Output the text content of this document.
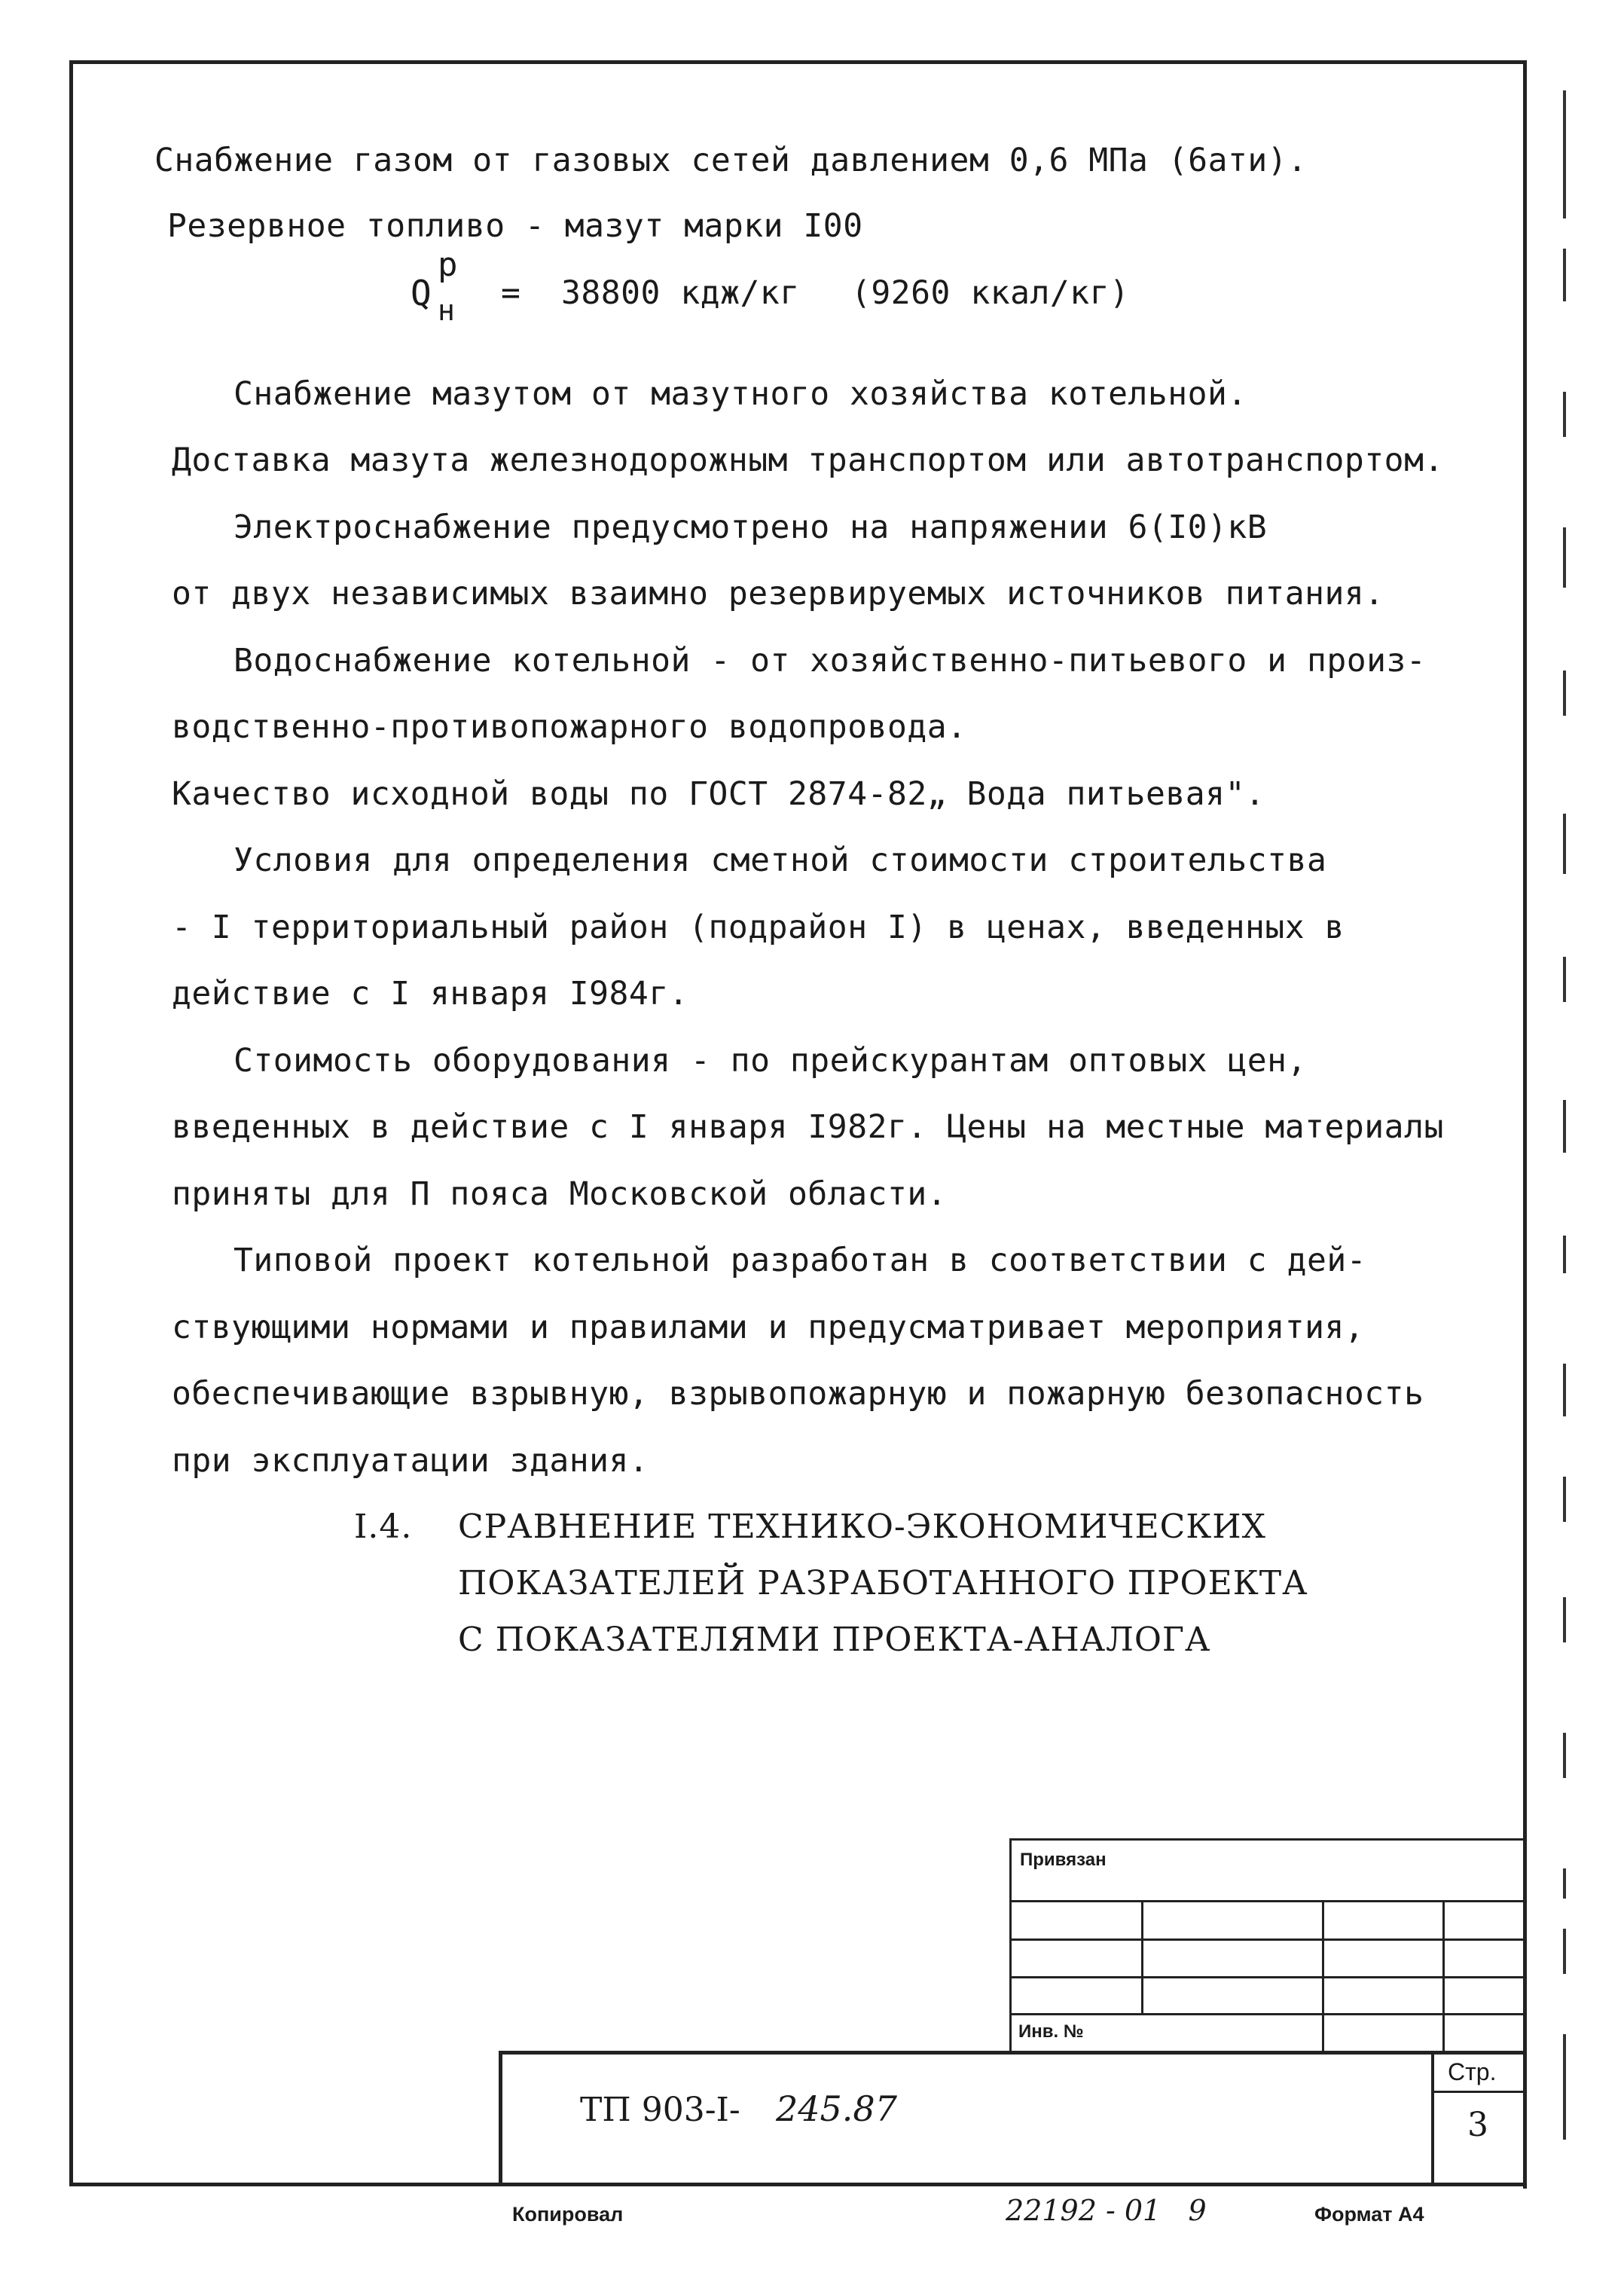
Снабжение газом от газовых сетей давлением 0,6 МПа (6ати).
Резервное топливо - мазут марки I00
Q
р
н = 38800 кдж/кг (9260 ккал/кг)
Снабжение мазутом от мазутного хозяйства котельной.
Доставка мазута железнодорожным транспортом или автотранспортом.
Электроснабжение предусмотрено на напряжении 6(I0)кВ
от двух независимых взаимно резервируемых источников питания.
Водоснабжение котельной - от хозяйственно-питьевого и произ-
водственно-противопожарного водопровода.
Качество исходной воды по ГОСТ 2874-82„ Вода питьевая".
Условия для определения сметной стоимости строительства
- I территориальный район (подрайон I) в ценах, введенных в
действие с I января I984г.
Стоимость оборудования - по прейскурантам оптовых цен,
введенных в действие с I января I982г. Цены на местные материалы
приняты для П пояса Московской области.
Типовой проект котельной разработан в соответствии с дей-
ствующими нормами и правилами и предусматривает мероприятия,
обеспечивающие взрывную, взрывопожарную и пожарную безопасность
при эксплуатации здания.
I.4. СРАВНЕНИЕ ТЕХНИКО-ЭКОНОМИЧЕСКИХ
ПОКАЗАТЕЛЕЙ РАЗРАБОТАННОГО ПРОЕКТА
С ПОКАЗАТЕЛЯМИ ПРОЕКТА-АНАЛОГА
Привязан
Инв. №
ТП 903-I- 245.87
Стр.
3
Копировал	22192 - 01   9	Формат А4
